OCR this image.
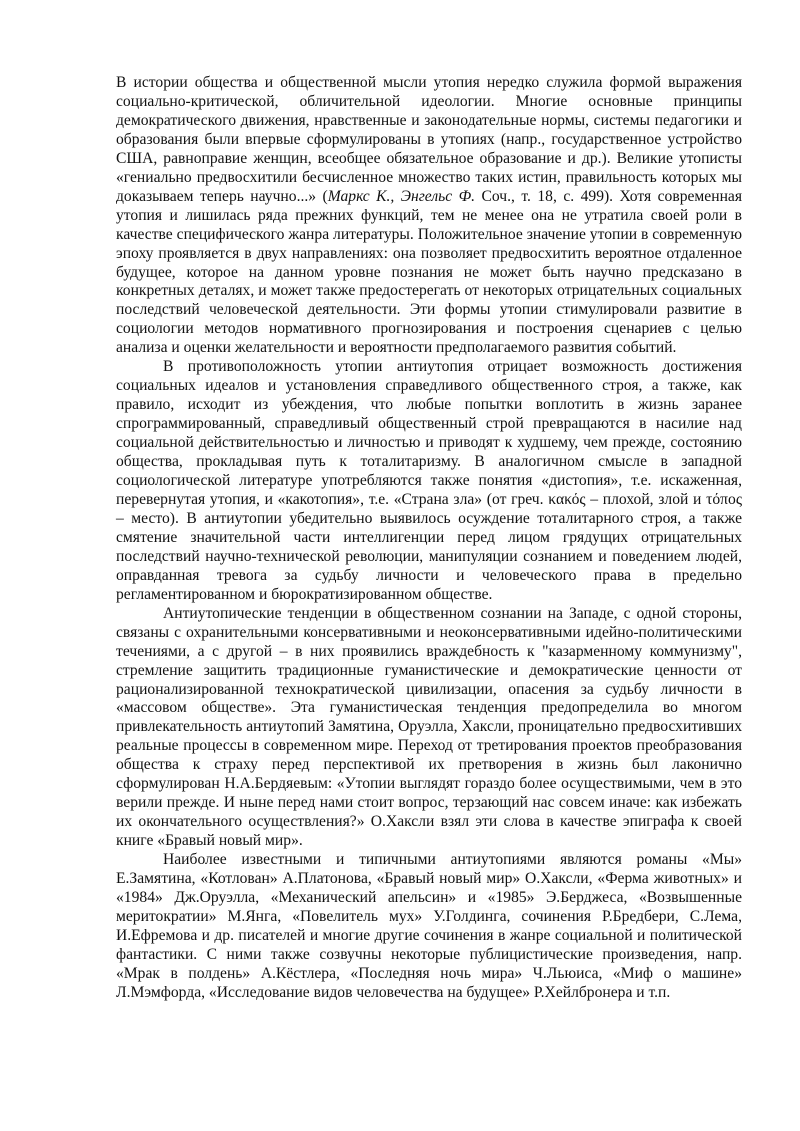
В истории общества и общественной мысли утопия нередко служила формой выражения социально-критической, обличительной идеологии. Многие основные принципы демократического движения, нравственные и законодательные нормы, системы педагогики и образования были впервые сформулированы в утопиях (напр., государственное устройство США, равноправие женщин, всеобщее обязательное образование и др.). Великие утописты «гениально предвосхитили бесчисленное множество таких истин, правильность которых мы доказываем теперь научно...» (Маркс К., Энгельс Ф. Соч., т. 18, с. 499). Хотя современная утопия и лишилась ряда прежних функций, тем не менее она не утратила своей роли в качестве специфического жанра литературы. Положительное значение утопии в современную эпоху проявляется в двух направлениях: она позволяет предвосхитить вероятное отдаленное будущее, которое на данном уровне познания не может быть научно предсказано в конкретных деталях, и может также предостерегать от некоторых отрицательных социальных последствий человеческой деятельности. Эти формы утопии стимулировали развитие в социологии методов нормативного прогнозирования и построения сценариев с целью анализа и оценки желательности и вероятности предполагаемого развития событий.

В противоположность утопии антиутопия отрицает возможность достижения социальных идеалов и установления справедливого общественного строя, а также, как правило, исходит из убеждения, что любые попытки воплотить в жизнь заранее спрограммированный, справедливый общественный строй превращаются в насилие над социальной действительностью и личностью и приводят к худшему, чем прежде, состоянию общества, прокладывая путь к тоталитаризму. В аналогичном смысле в западной социологической литературе употребляются также понятия «дистопия», т.е. искаженная, перевернутая утопия, и «какотопия», т.е. «Страна зла» (от греч. κακός – плохой, злой и τόπος – место). В антиутопии убедительно выявилось осуждение тоталитарного строя, а также смятение значительной части интеллигенции перед лицом грядущих отрицательных последствий научно-технической революции, манипуляции сознанием и поведением людей, оправданная тревога за судьбу личности и человеческого права в предельно регламентированном и бюрократизированном обществе.

Антиутопические тенденции в общественном сознании на Западе, с одной стороны, связаны с охранительными консервативными и неоконсервативными идейно-политическими течениями, а с другой – в них проявились враждебность к "казарменному коммунизму", стремление защитить традиционные гуманистические и демократические ценности от рационализированной технократической цивилизации, опасения за судьбу личности в «массовом обществе». Эта гуманистическая тенденция предопределила во многом привлекательность антиутопий Замятина, Оруэлла, Хаксли, проницательно предвосхитивших реальные процессы в современном мире. Переход от третирования проектов преобразования общества к страху перед перспективой их претворения в жизнь был лаконично сформулирован Н.А.Бердяевым: «Утопии выглядят гораздо более осуществимыми, чем в это верили прежде. И ныне перед нами стоит вопрос, терзающий нас совсем иначе: как избежать их окончательного осуществления?» О.Хаксли взял эти слова в качестве эпиграфа к своей книге «Бравый новый мир».

Наиболее известными и типичными антиутопиями являются романы «Мы» Е.Замятина, «Котлован» А.Платонова, «Бравый новый мир» О.Хаксли, «Ферма животных» и «1984» Дж.Оруэлла, «Механический апельсин» и «1985» Э.Берджеса, «Возвышенные меритократии» М.Янга, «Повелитель мух» У.Голдинга, сочинения Р.Бредбери, С.Лема, И.Ефремова и др. писателей и многие другие сочинения в жанре социальной и политической фантастики. С ними также созвучны некоторые публицистические произведения, напр. «Мрак в полдень» А.Кёстлера, «Последняя ночь мира» Ч.Льюиса, «Миф о машине» Л.Мэмфорда, «Исследование видов человечества на будущее» Р.Хейлбронера и т.п.
